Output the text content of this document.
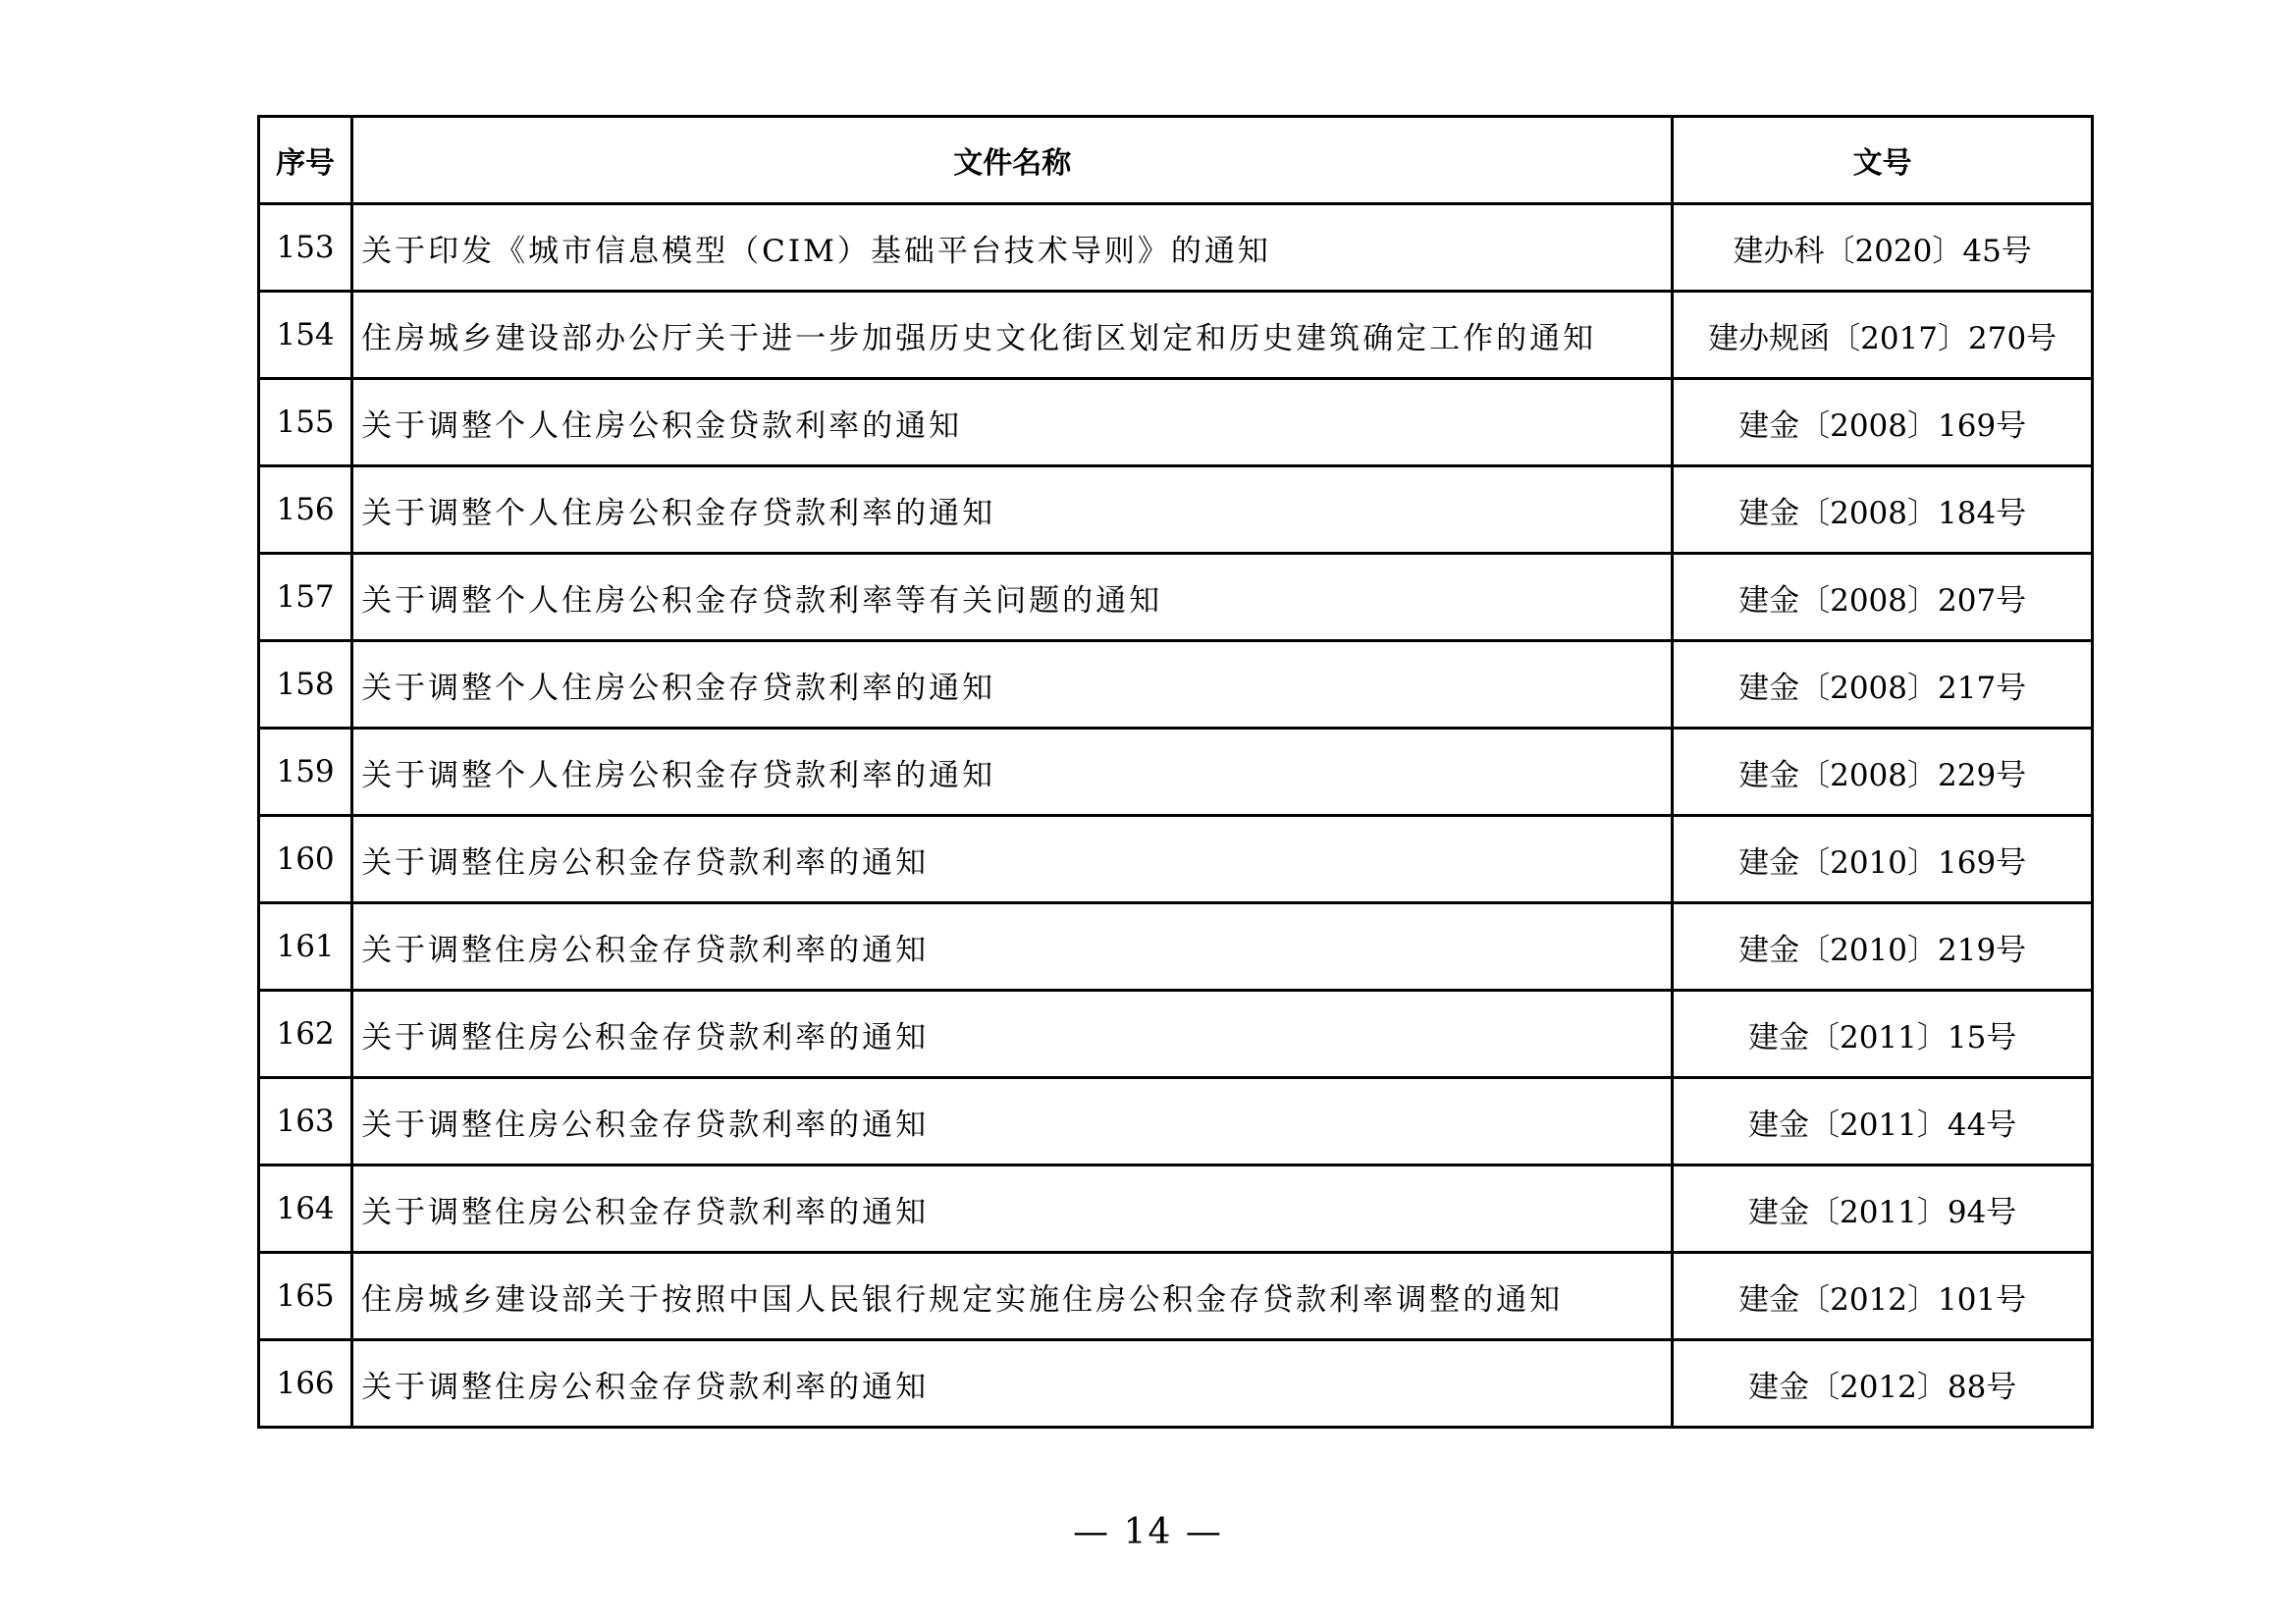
序号	文件名称	文号
153	关于印发《城市信息模型（CIM）基础平台技术导则》的通知	建办科〔2020〕45号
154	住房城乡建设部办公厅关于进一步加强历史文化街区划定和历史建筑确定工作的通知	建办规函〔2017〕270号
155	关于调整个人住房公积金贷款利率的通知	建金〔2008〕169号
156	关于调整个人住房公积金存贷款利率的通知	建金〔2008〕184号
157	关于调整个人住房公积金存贷款利率等有关问题的通知	建金〔2008〕207号
158	关于调整个人住房公积金存贷款利率的通知	建金〔2008〕217号
159	关于调整个人住房公积金存贷款利率的通知	建金〔2008〕229号
160	关于调整住房公积金存贷款利率的通知	建金〔2010〕169号
161	关于调整住房公积金存贷款利率的通知	建金〔2010〕219号
162	关于调整住房公积金存贷款利率的通知	建金〔2011〕15号
163	关于调整住房公积金存贷款利率的通知	建金〔2011〕44号
164	关于调整住房公积金存贷款利率的通知	建金〔2011〕94号
165	住房城乡建设部关于按照中国人民银行规定实施住房公积金存贷款利率调整的通知	建金〔2012〕101号
166	关于调整住房公积金存贷款利率的通知	建金〔2012〕88号
— 14 —
